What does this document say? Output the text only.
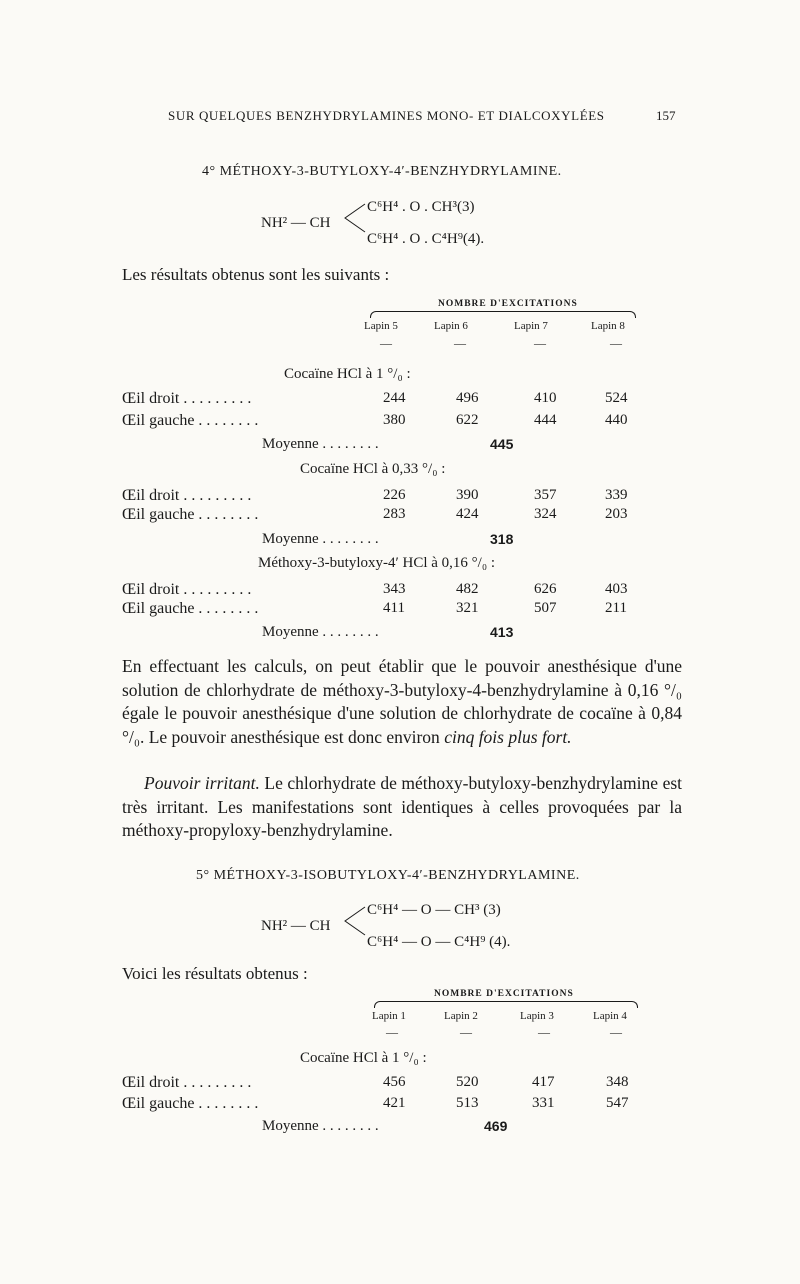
SUR QUELQUES BENZHYDRYLAMINES MONO- ET DIALCOXYLÉES	157
4° MÉTHOXY-3-BUTYLOXY-4′-BENZHYDRYLAMINE.
NH² — CH
C⁶H⁴ . O . CH³(3)
C⁶H⁴ . O . C⁴H⁹(4).
Les résultats obtenus sont les suivants :
NOMBRE D'EXCITATIONS
Lapin 5	Lapin 6	Lapin 7	Lapin 8
—	—	—	—
Cocaïne HCl à 1 °/₀ :
Œil droit . . . . . . . . .	244	496	410	524
Œil gauche . . . . . . . .	380	622	444	440
Moyenne . . . . . . . .	445
Cocaïne HCl à 0,33 °/₀ :
Œil droit . . . . . . . . .	226	390	357	339
Œil gauche . . . . . . . .	283	424	324	203
Moyenne . . . . . . . .	318
Méthoxy-3-butyloxy-4′ HCl à 0,16 °/₀ :
Œil droit . . . . . . . . .	343	482	626	403
Œil gauche . . . . . . . .	411	321	507	211
Moyenne . . . . . . . .	413
En effectuant les calculs, on peut établir que le pouvoir anesthésique d'une solution de chlorhydrate de méthoxy-3-butyloxy-4-benzhydrylamine à 0,16 °/₀ égale le pouvoir anesthésique d'une solution de chlorhydrate de cocaïne à 0,84 °/₀. Le pouvoir anesthésique est donc environ cinq fois plus fort.
Pouvoir irritant. Le chlorhydrate de méthoxy-butyloxy-benzhydrylamine est très irritant. Les manifestations sont identiques à celles provoquées par la méthoxy-propyloxy-benzhydrylamine.
5° MÉTHOXY-3-ISOBUTYLOXY-4′-BENZHYDRYLAMINE.
NH² — CH
C⁶H⁴ — O — CH³ (3)
C⁶H⁴ — O — C⁴H⁹ (4).
Voici les résultats obtenus :
NOMBRE D'EXCITATIONS
Lapin 1	Lapin 2	Lapin 3	Lapin 4
—	—	—	—
Cocaïne HCl à 1 °/₀ :
Œil droit . . . . . . . . .	456	520	417	348
Œil gauche . . . . . . . .	421	513	331	547
Moyenne . . . . . . . .	469
